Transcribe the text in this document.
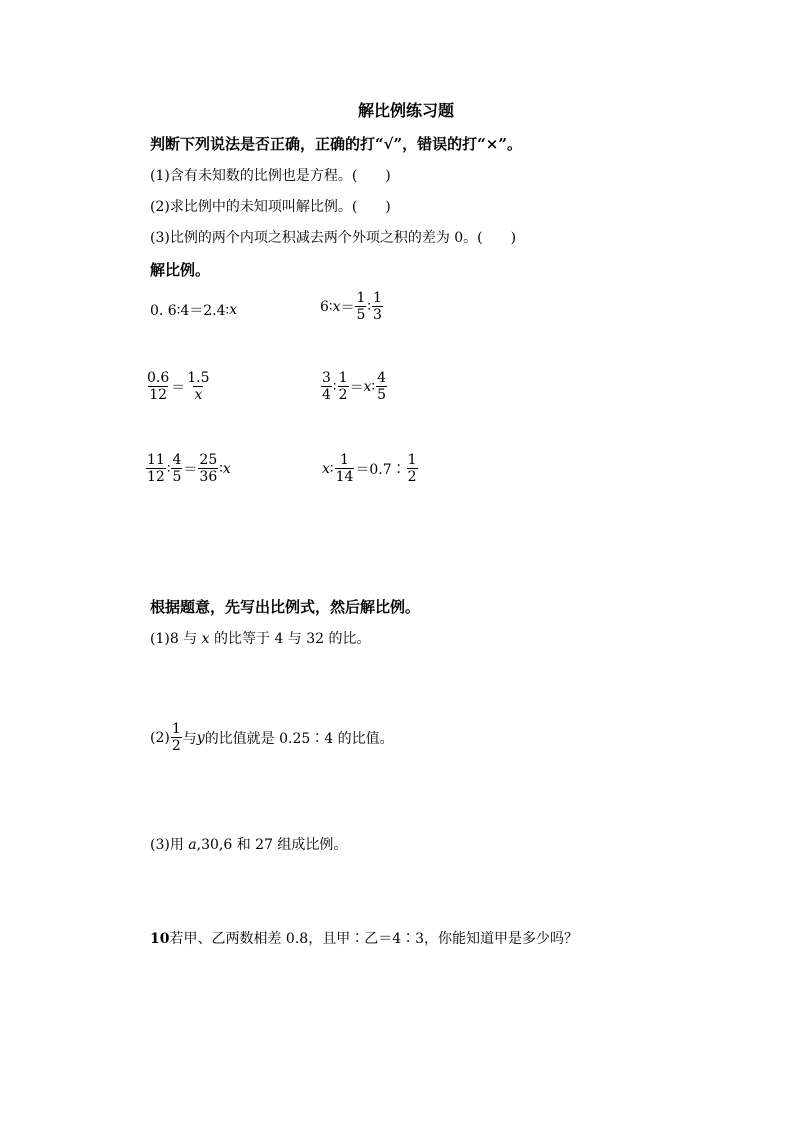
解比例练习题
判断下列说法是否正确，正确的打“√”，错误的打“×”。
(1)含有未知数的比例也是方程。(　　)
(2)求比例中的未知项叫解比例。(　　)
(3)比例的两个内项之积减去两个外项之积的差为 0。(　　)
解比例。
0. 6∶4＝2.4∶ x	6∶ $x = \frac{1}{5}$ ∶ $\frac{1}{3}$
$\frac{0.6}{12} = \frac{1.5}{x}$	$\frac{3}{4}$ ∶ $\frac{1}{2} = x$ ∶ $\frac{4}{5}$
$\frac{11}{12}$ ∶ $\frac{4}{5} = \frac{25}{36}$ ∶ x	x ∶ $\frac{1}{14}$ ＝0.7∶ $\frac{1}{2}$
根据题意，先写出比例式，然后解比例。
(1)8 与 x 的比等于 4 与 32 的比。
$(2) \frac{1}{2}$ 与 y 的比值就是 0.25∶4 的比值。
(3)用 a,30,6 和 27 组成比例。
10若甲、乙两数相差 0.8，且甲∶乙＝4∶3，你能知道甲是多少吗？
